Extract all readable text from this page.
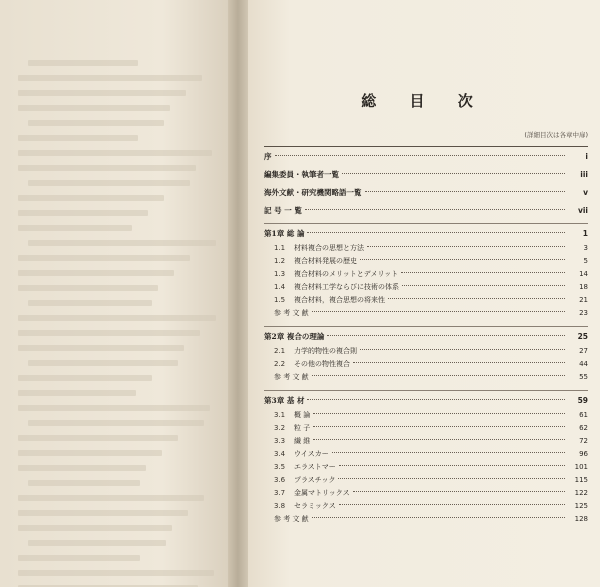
総 目 次
(詳細目次は各章中扉)
序	i
編集委員・執筆者一覧	iii
海外文献・研究機関略語一覧	v
記 号 一 覧	vii
第1章 総 論	1
1.1	材料複合の思想と方法	3
1.2	複合材料発展の歴史	5
1.3	複合材料のメリットとデメリット	14
1.4	複合材料工学ならびに技術の体系	18
1.5	複合材料，複合思想の将来性	21
参 考 文 献	23
第2章 複合の理論	25
2.1	力学的物性の複合則	27
2.2	その他の物性複合	44
参 考 文 献	55
第3章 基 材	59
3.1	概 論	61
3.2	粒 子	62
3.3	繊 維	72
3.4	ウイスカー	96
3.5	エラストマー	101
3.6	プラスチック	115
3.7	金属マトリックス	122
3.8	セラミックス	125
参 考 文 献	128
